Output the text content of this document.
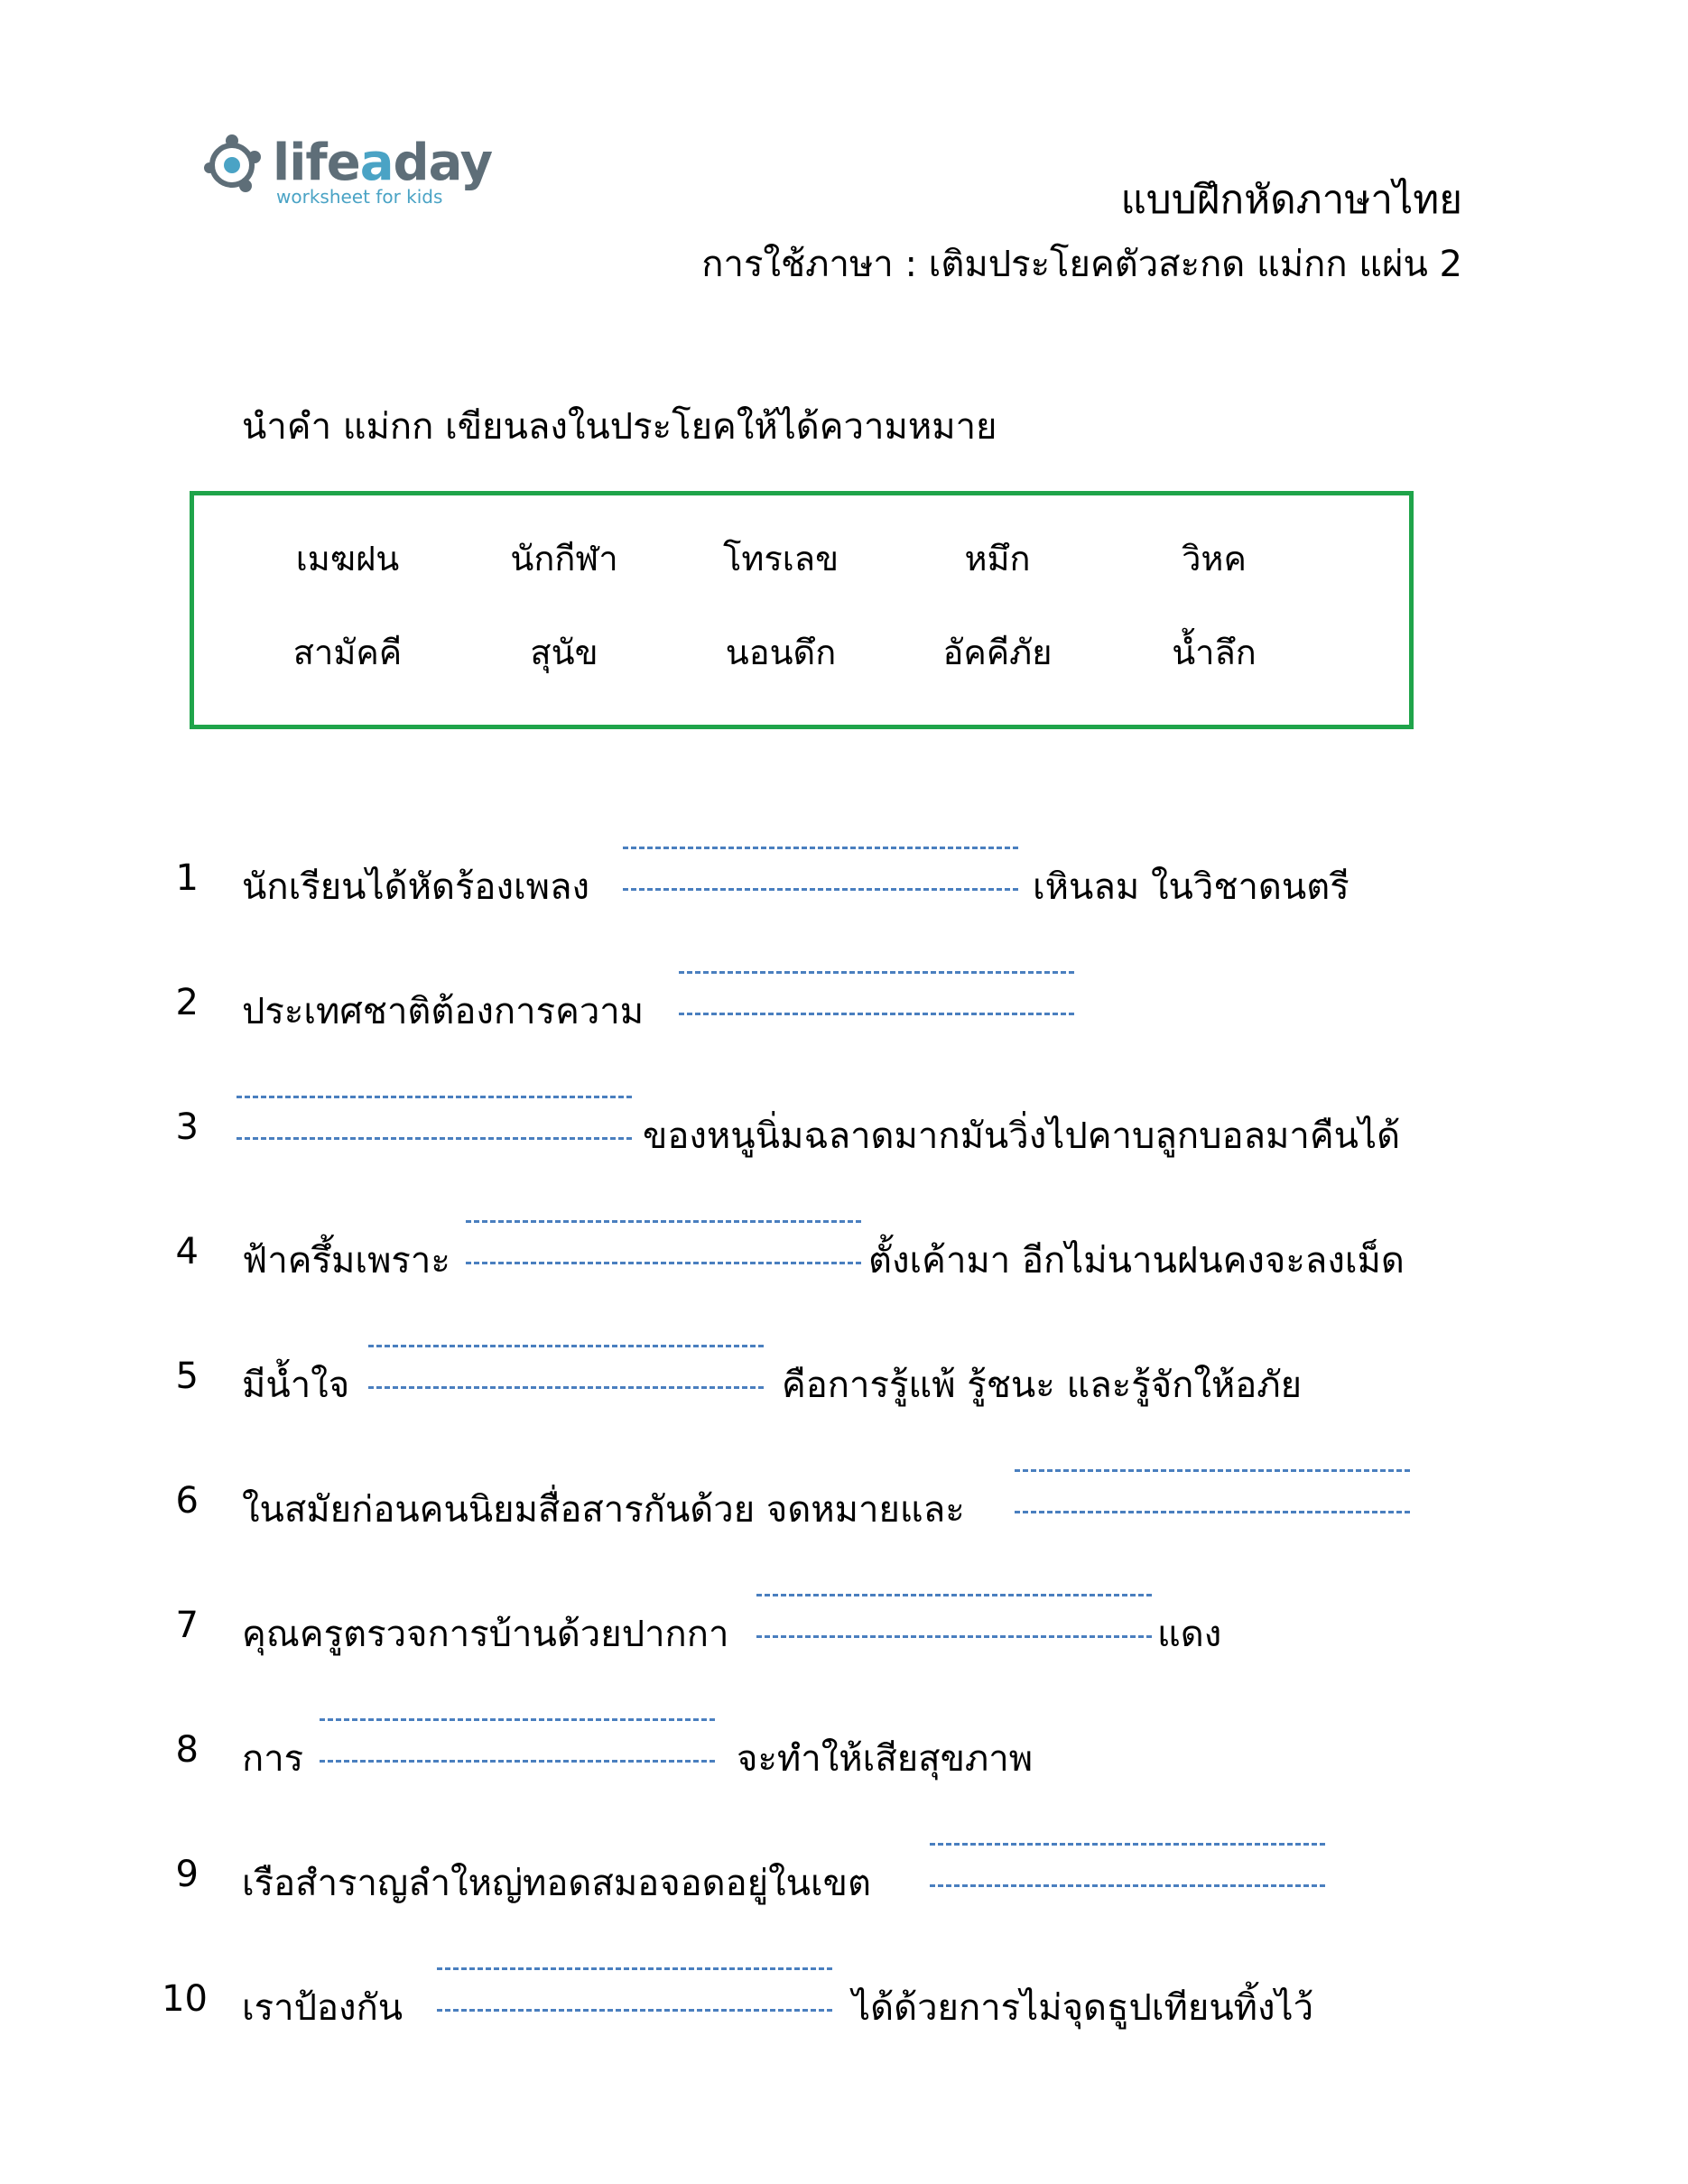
lifeaday
worksheet for kids	แบบฝึกหัดภาษาไทย
การใช้ภาษา : เติมประโยคตัวสะกด แม่กก แผ่น 2
นำคำ แม่กก เขียนลงในประโยคให้ได้ความหมาย
เมฆฝน	นักกีฬา	โทรเลข	หมึก	วิหค
สามัคคี	สุนัข	นอนดึก	อัคคีภัย	น้ำลึก
1 นักเรียนได้หัดร้องเพลง	เหินลม ในวิชาดนตรี
2 ประเทศชาติต้องการความ
3	ของหนูนิ่มฉลาดมากมันวิ่งไปคาบลูกบอลมาคืนได้
4 ฟ้าครึ้มเพราะ	ตั้งเค้ามา อีกไม่นานฝนคงจะลงเม็ด
5 มีน้ำใจ	คือการรู้แพ้ รู้ชนะ และรู้จักให้อภัย
6 ในสมัยก่อนคนนิยมสื่อสารกันด้วย จดหมายและ
7 คุณครูตรวจการบ้านด้วยปากกา	แดง
8 การ	จะทำให้เสียสุขภาพ
9 เรือสำราญลำใหญ่ทอดสมอจอดอยู่ในเขต
10 เราป้องกัน	ได้ด้วยการไม่จุดธูปเทียนทิ้งไว้
